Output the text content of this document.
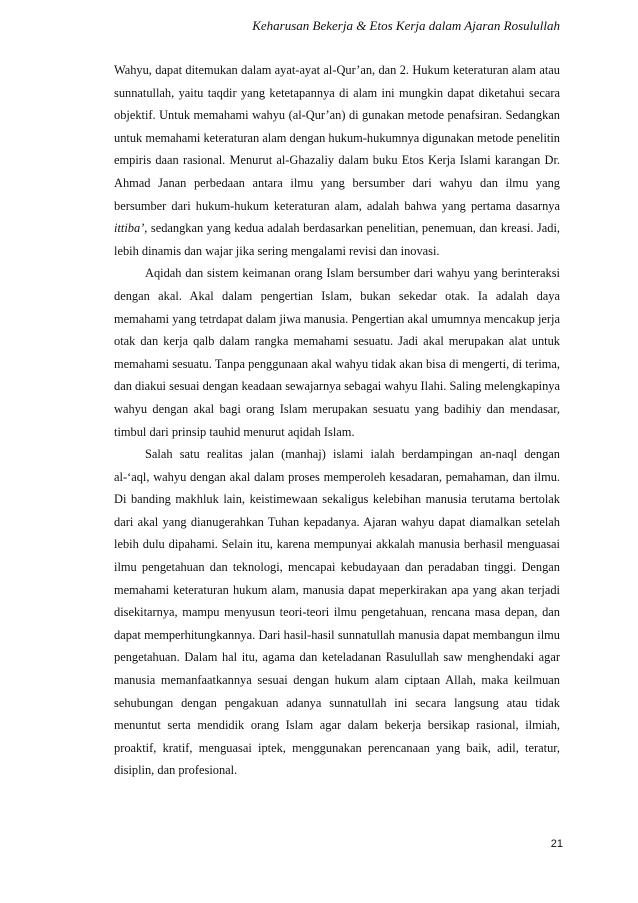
Keharusan Bekerja & Etos Kerja dalam Ajaran Rosulullah

Wahyu, dapat ditemukan dalam ayat-ayat al-Qur’an, dan 2. Hukum keteraturan alam atau sunnatullah, yaitu taqdir yang ketetapannya di alam ini mungkin dapat diketahui secara objektif. Untuk memahami wahyu (al-Qur’an) di gunakan metode penafsiran. Sedangkan untuk memahami keteraturan alam dengan hukum-hukumnya digunakan metode penelitin empiris daan rasional. Menurut al-Ghazaliy dalam buku Etos Kerja Islami karangan Dr. Ahmad Janan perbedaan antara ilmu yang bersumber dari wahyu dan ilmu yang bersumber dari hukum-hukum keteraturan alam, adalah bahwa yang pertama dasarnya ittiba’, sedangkan yang kedua adalah berdasarkan penelitian, penemuan, dan kreasi. Jadi, lebih dinamis dan wajar jika sering mengalami revisi dan inovasi.

Aqidah dan sistem keimanan orang Islam bersumber dari wahyu yang berinteraksi dengan akal. Akal dalam pengertian Islam, bukan sekedar otak. Ia adalah daya memahami yang tetrdapat dalam jiwa manusia. Pengertian akal umumnya mencakup jerja otak dan kerja qalb dalam rangka memahami sesuatu. Jadi akal merupakan alat untuk memahami sesuatu. Tanpa penggunaan akal wahyu tidak akan bisa di mengerti, di terima, dan diakui sesuai dengan keadaan sewajarnya sebagai wahyu Ilahi. Saling melengkapinya wahyu dengan akal bagi orang Islam merupakan sesuatu yang badihiy dan mendasar, timbul dari prinsip tauhid menurut aqidah Islam.

Salah satu realitas jalan (manhaj) islami ialah berdampingan an-naql dengan al-‘aql, wahyu dengan akal dalam proses memperoleh kesadaran, pemahaman, dan ilmu. Di banding makhluk lain, keistimewaan sekaligus kelebihan manusia terutama bertolak dari akal yang dianugerahkan Tuhan kepadanya. Ajaran wahyu dapat diamalkan setelah lebih dulu dipahami. Selain itu, karena mempunyai akkalah manusia berhasil menguasai ilmu pengetahuan dan teknologi, mencapai kebudayaan dan peradaban tinggi. Dengan memahami keteraturan hukum alam, manusia dapat meperkirakan apa yang akan terjadi disekitarnya, mampu menyusun teori-teori ilmu pengetahuan, rencana masa depan, dan dapat memperhitungkannya. Dari hasil-hasil sunnatullah manusia dapat membangun ilmu pengetahuan. Dalam hal itu, agama dan keteladanan Rasulullah saw menghendaki agar manusia memanfaatkannya sesuai dengan hukum alam ciptaan Allah, maka keilmuan sehubungan dengan pengakuan adanya sunnatullah ini secara langsung atau tidak menuntut serta mendidik orang Islam agar dalam bekerja bersikap rasional, ilmiah, proaktif, kratif, menguasai iptek, menggunakan perencanaan yang baik, adil, teratur, disiplin, dan profesional.

21
